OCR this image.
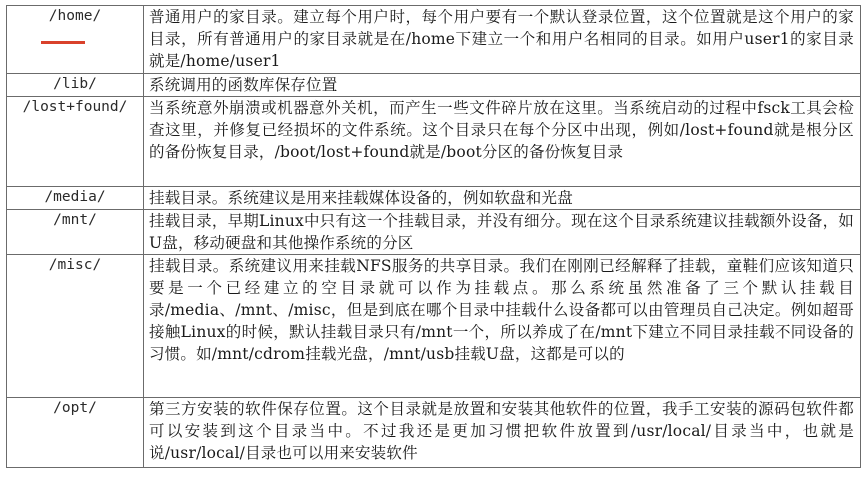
/home/	普通用户的家目录。建立每个用户时，每个用户要有一个默认登录位置，这个位置就是这个用户的家目录，所有普通用户的家目录就是在/home下建立一个和用户名相同的目录。如用户user1的家目录就是/home/user1
/lib/	系统调用的函数库保存位置
/lost+found/	当系统意外崩溃或机器意外关机，而产生一些文件碎片放在这里。当系统启动的过程中fsck工具会检查这里，并修复已经损坏的文件系统。这个目录只在每个分区中出现，例如/lost+found就是根分区的备份恢复目录，/boot/lost+found就是/boot分区的备份恢复目录
/media/	挂载目录。系统建议是用来挂载媒体设备的，例如软盘和光盘
/mnt/	挂载目录，早期Linux中只有这一个挂载目录，并没有细分。现在这个目录系统建议挂载额外设备，如U盘，移动硬盘和其他操作系统的分区
/misc/	挂载目录。系统建议用来挂载NFS服务的共享目录。我们在刚刚已经解释了挂载，童鞋们应该知道只要是一个已经建立的空目录就可以作为挂载点。那么系统虽然准备了三个默认挂载目录/media、/mnt、/misc，但是到底在哪个目录中挂载什么设备都可以由管理员自己决定。例如超哥接触Linux的时候，默认挂载目录只有/mnt一个，所以养成了在/mnt下建立不同目录挂载不同设备的习惯。如/mnt/cdrom挂载光盘，/mnt/usb挂载U盘，这都是可以的
/opt/	第三方安装的软件保存位置。这个目录就是放置和安装其他软件的位置，我手工安装的源码包软件都可以安装到这个目录当中。不过我还是更加习惯把软件放置到/usr/local/目录当中，也就是说/usr/local/目录也可以用来安装软件
